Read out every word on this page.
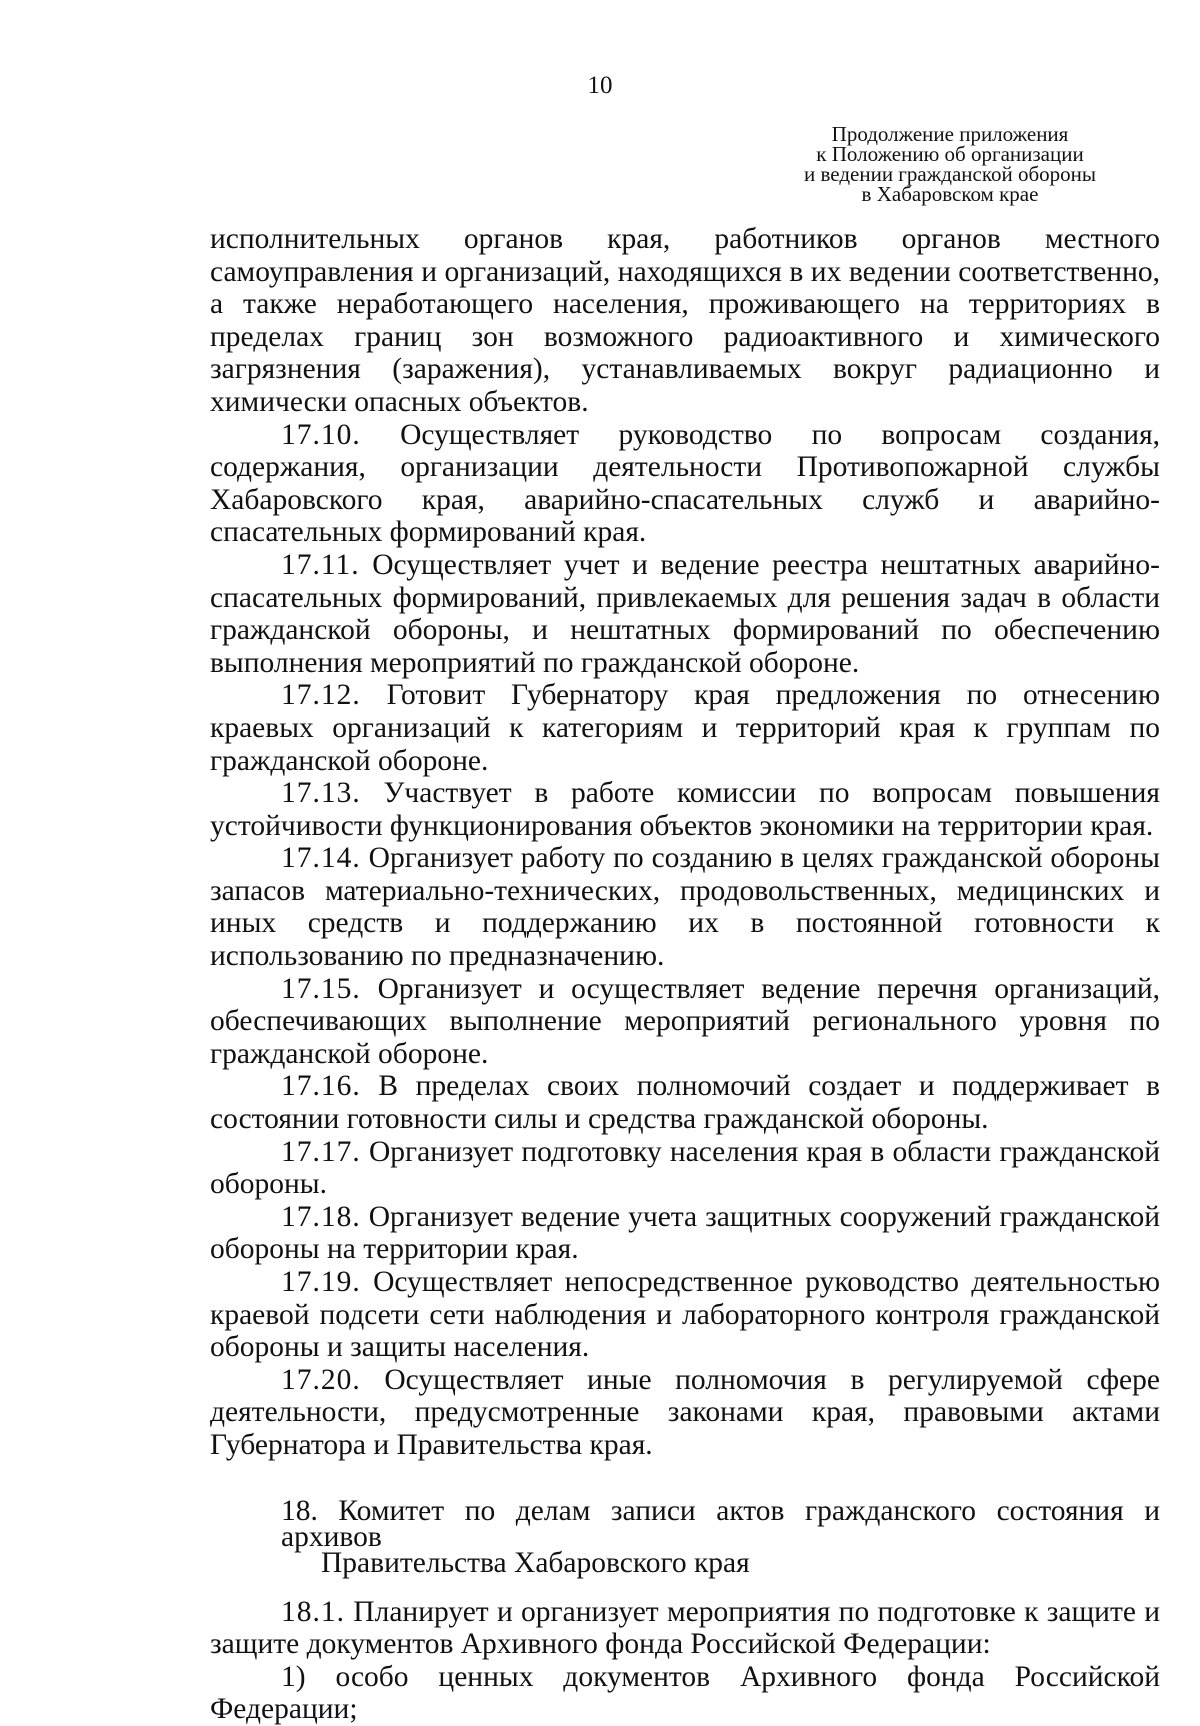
10
Продолжение приложения
к Положению об организации
и ведении гражданской обороны
в Хабаровском крае

исполнительных органов края, работников органов местного самоуправления и организаций, находящихся в их ведении соответственно, а также неработающего населения, проживающего на территориях в пределах границ зон возможного радиоактивного и химического загрязнения (заражения), устанавливаемых вокруг радиационно и химически опасных объектов.

17.10. Осуществляет руководство по вопросам создания, содержания, организации деятельности Противопожарной службы Хабаровского края, аварийно-спасательных служб и аварийно-спасательных формирований края.

17.11. Осуществляет учет и ведение реестра нештатных аварийно-спасательных формирований, привлекаемых для решения задач в области гражданской обороны, и нештатных формирований по обеспечению выполнения мероприятий по гражданской обороне.

17.12. Готовит Губернатору края предложения по отнесению краевых организаций к категориям и территорий края к группам по гражданской обороне.

17.13. Участвует в работе комиссии по вопросам повышения устойчивости функционирования объектов экономики на территории края.

17.14. Организует работу по созданию в целях гражданской обороны запасов материально-технических, продовольственных, медицинских и иных средств и поддержанию их в постоянной готовности к использованию по предназначению.

17.15. Организует и осуществляет ведение перечня организаций, обеспечивающих выполнение мероприятий регионального уровня по гражданской обороне.

17.16. В пределах своих полномочий создает и поддерживает в состоянии готовности силы и средства гражданской обороны.

17.17. Организует подготовку населения края в области гражданской обороны.

17.18. Организует ведение учета защитных сооружений гражданской обороны на территории края.

17.19. Осуществляет непосредственное руководство деятельностью краевой подсети сети наблюдения и лабораторного контроля гражданской обороны и защиты населения.

17.20. Осуществляет иные полномочия в регулируемой сфере деятельности, предусмотренные законами края, правовыми актами Губернатора и Правительства края.

18. Комитет по делам записи актов гражданского состояния и архивов
Правительства Хабаровского края

18.1. Планирует и организует мероприятия по подготовке к защите и защите документов Архивного фонда Российской Федерации:

1) особо ценных документов Архивного фонда Российской Федерации;
